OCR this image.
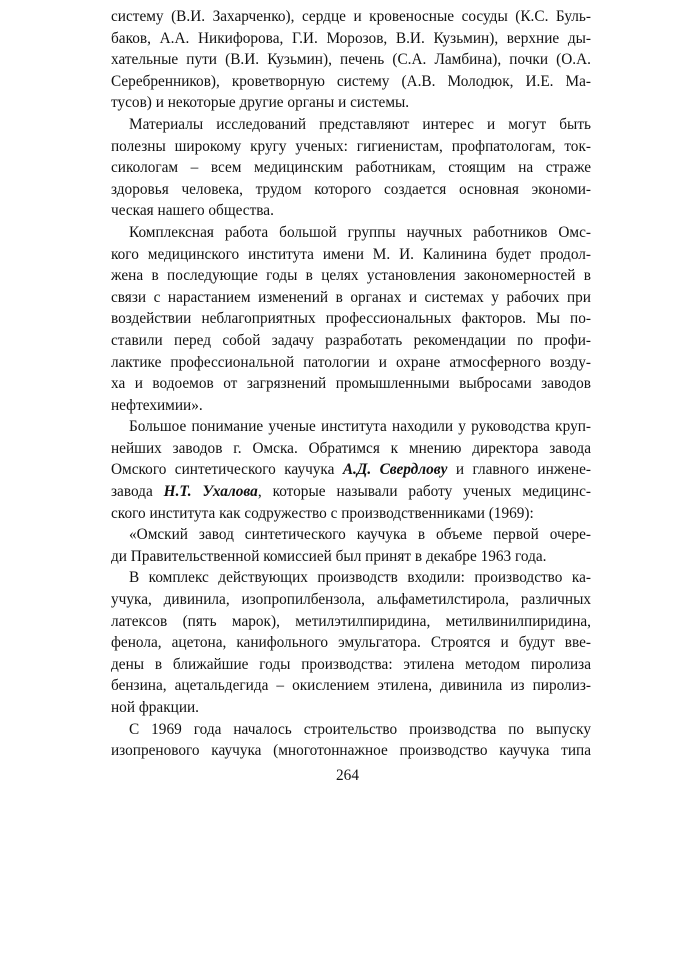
систему (В.И. Захарченко), сердце и кровеносные сосуды (К.С. Буль-
баков, А.А. Никифорова, Г.И. Морозов, В.И. Кузьмин), верхние ды-
хательные пути (В.И. Кузьмин), печень (С.А. Ламбина), почки (О.А.
Серебренников), кроветворную систему (А.В. Молодюк, И.Е. Ма-
тусов) и некоторые другие органы и системы.
Материалы исследований представляют интерес и могут быть
полезны широкому кругу ученых: гигиенистам, профпатологам, ток-
сикологам – всем медицинским работникам, стоящим на страже
здоровья человека, трудом которого создается основная экономи-
ческая нашего общества.
Комплексная работа большой группы научных работников Омс-
кого медицинского института имени М. И. Калинина будет продол-
жена в последующие годы в целях установления закономерностей в
связи с нарастанием изменений в органах и системах у рабочих при
воздействии неблагоприятных профессиональных факторов. Мы по-
ставили перед собой задачу разработать рекомендации по профи-
лактике профессиональной патологии и охране атмосферного возду-
ха и водоемов от загрязнений промышленными выбросами заводов
нефтехимии».
Большое понимание ученые института находили у руководства круп-
нейших заводов г. Омска. Обратимся к мнению директора завода
Омского синтетического каучука А.Д. Свердлову и главного инжене-
завода Н.Т. Ухалова, которые называли работу ученых медицинс-
ского института как содружество с производственниками (1969):
«Омский завод синтетического каучука в объеме первой очере-
ди Правительственной комиссией был принят в декабре 1963 года.
В комплекс действующих производств входили: производство ка-
учука, дивинила, изопропилбензола, альфаметилстирола, различных
латексов (пять марок), метилэтилпиридина, метилвинилпиридина,
фенола, ацетона, канифольного эмульгатора. Строятся и будут вве-
дены в ближайшие годы производства: этилена методом пиролиза
бензина, ацетальдегида – окислением этилена, дивинила из пиролиз-
ной фракции.
С 1969 года началось строительство производства по выпуску
изопренового каучука (многотоннажное производство каучука типа
264
